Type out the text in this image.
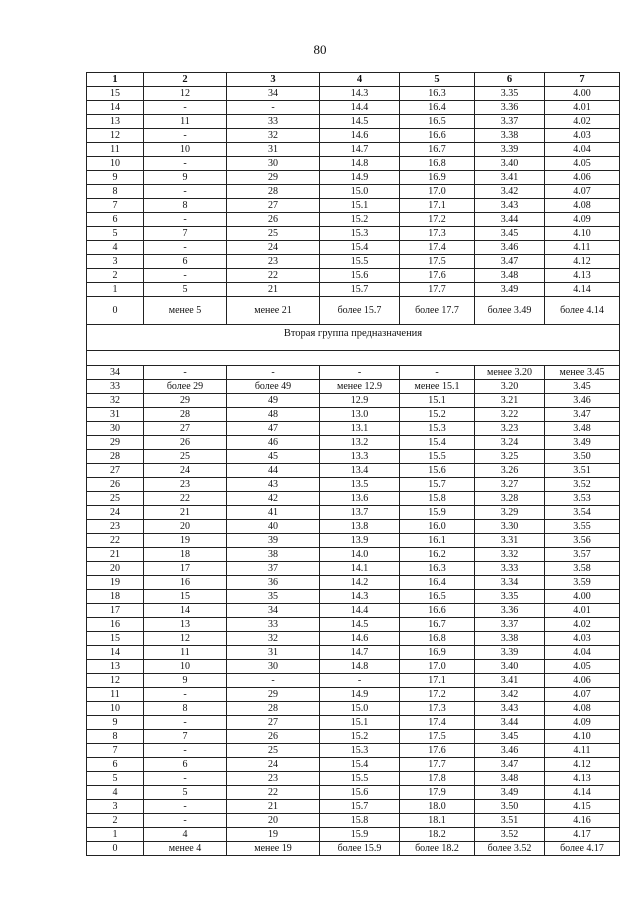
80
1	2	3	4	5	6	7
15	12	34	14.3	16.3	3.35	4.00
14	-	-	14.4	16.4	3.36	4.01
13	11	33	14.5	16.5	3.37	4.02
12	-	32	14.6	16.6	3.38	4.03
11	10	31	14.7	16.7	3.39	4.04
10	-	30	14.8	16.8	3.40	4.05
9	9	29	14.9	16.9	3.41	4.06
8	-	28	15.0	17.0	3.42	4.07
7	8	27	15.1	17.1	3.43	4.08
6	-	26	15.2	17.2	3.44	4.09
5	7	25	15.3	17.3	3.45	4.10
4	-	24	15.4	17.4	3.46	4.11
3	6	23	15.5	17.5	3.47	4.12
2	-	22	15.6	17.6	3.48	4.13
1	5	21	15.7	17.7	3.49	4.14
0	менее 5	менее 21	более 15.7	более 17.7	более 3.49	более 4.14
Вторая группа предназначения						

34	-	-	-	-	менее 3.20	менее 3.45
33	более 29	более 49	менее 12.9	менее 15.1	3.20	3.45
32	29	49	12.9	15.1	3.21	3.46
31	28	48	13.0	15.2	3.22	3.47
30	27	47	13.1	15.3	3.23	3.48
29	26	46	13.2	15.4	3.24	3.49
28	25	45	13.3	15.5	3.25	3.50
27	24	44	13.4	15.6	3.26	3.51
26	23	43	13.5	15.7	3.27	3.52
25	22	42	13.6	15.8	3.28	3.53
24	21	41	13.7	15.9	3.29	3.54
23	20	40	13.8	16.0	3.30	3.55
22	19	39	13.9	16.1	3.31	3.56
21	18	38	14.0	16.2	3.32	3.57
20	17	37	14.1	16.3	3.33	3.58
19	16	36	14.2	16.4	3.34	3.59
18	15	35	14.3	16.5	3.35	4.00
17	14	34	14.4	16.6	3.36	4.01
16	13	33	14.5	16.7	3.37	4.02
15	12	32	14.6	16.8	3.38	4.03
14	11	31	14.7	16.9	3.39	4.04
13	10	30	14.8	17.0	3.40	4.05
12	9	-	-	17.1	3.41	4.06
11	-	29	14.9	17.2	3.42	4.07
10	8	28	15.0	17.3	3.43	4.08
9	-	27	15.1	17.4	3.44	4.09
8	7	26	15.2	17.5	3.45	4.10
7	-	25	15.3	17.6	3.46	4.11
6	6	24	15.4	17.7	3.47	4.12
5	-	23	15.5	17.8	3.48	4.13
4	5	22	15.6	17.9	3.49	4.14
3	-	21	15.7	18.0	3.50	4.15
2	-	20	15.8	18.1	3.51	4.16
1	4	19	15.9	18.2	3.52	4.17
0	менее 4	менее 19	более 15.9	более 18.2	более 3.52	более 4.17
